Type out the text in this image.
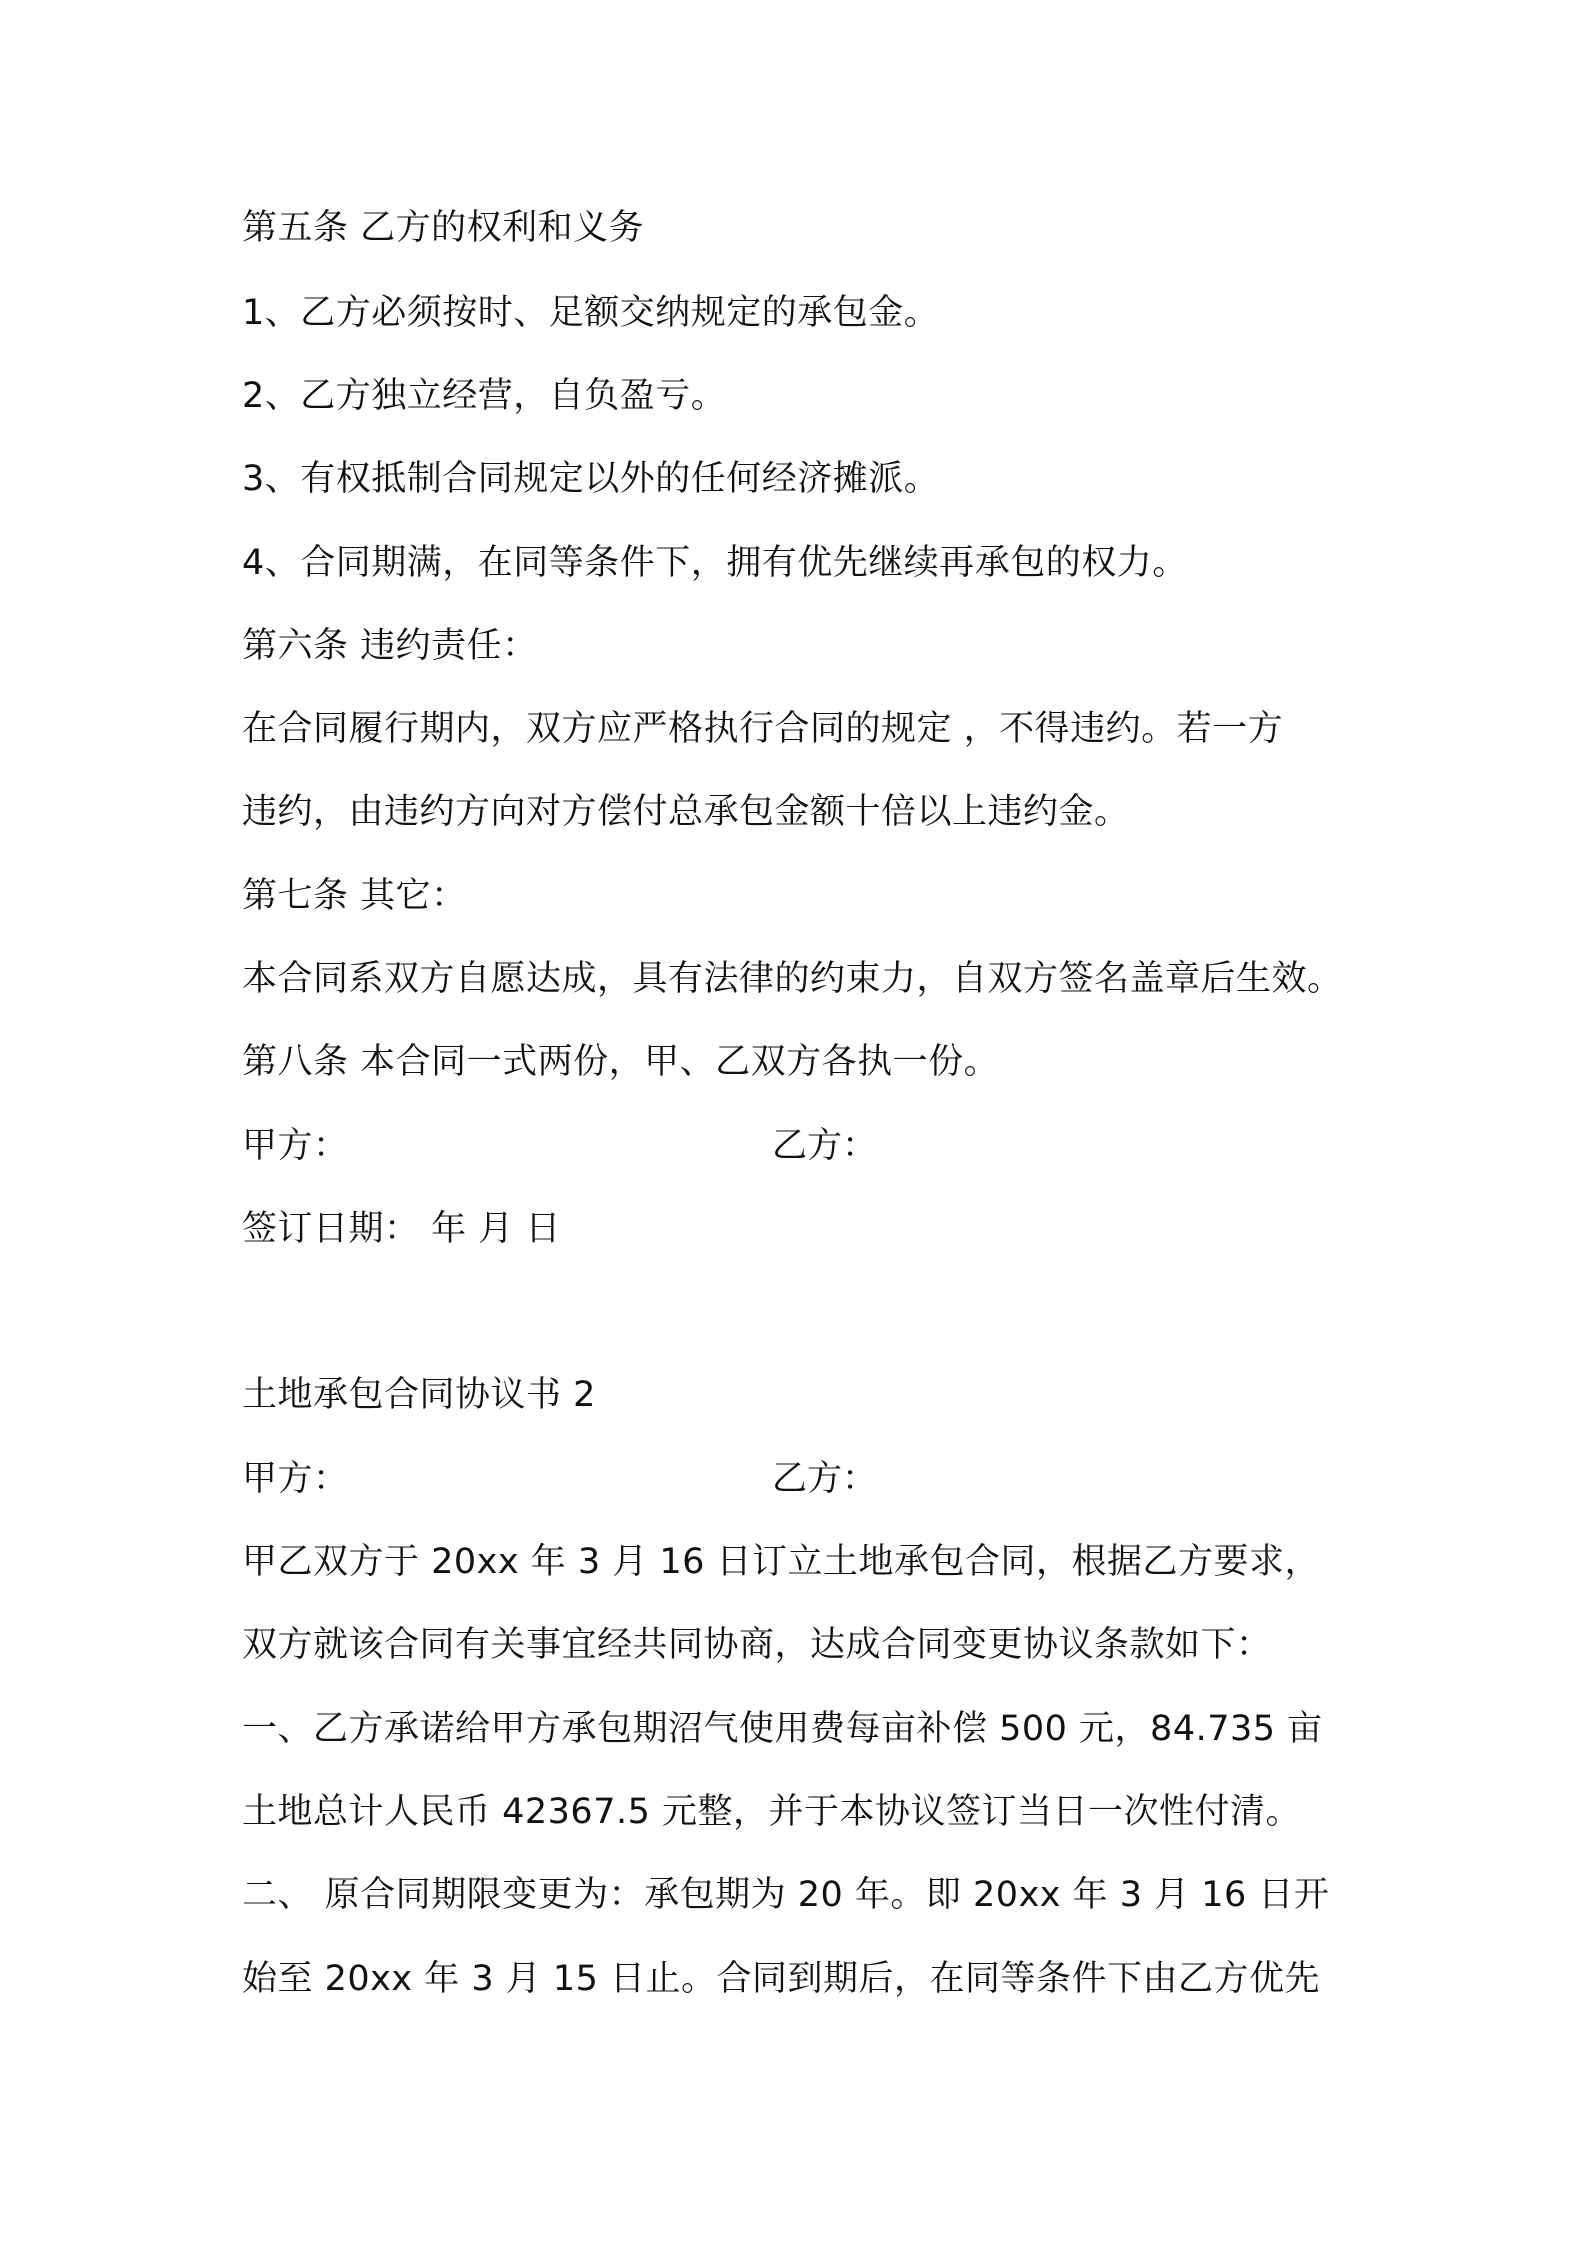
第五条 乙方的权利和义务
1、乙方必须按时、足额交纳规定的承包金。
2、乙方独立经营，自负盈亏。
3、有权抵制合同规定以外的任何经济摊派。
4、合同期满，在同等条件下，拥有优先继续再承包的权力。
第六条 违约责任：
在合同履行期内，双方应严格执行合同的规定 ，不得违约。若一方
违约，由违约方向对方偿付总承包金额十倍以上违约金。
第七条 其它：
本合同系双方自愿达成，具有法律的约束力，自双方签名盖章后生效。
第八条 本合同一式两份，甲、乙双方各执一份。
甲方：	乙方：
签订日期： 年 月 日
土地承包合同协议书 2
甲方：	乙方：
甲乙双方于 20xx 年 3 月 16 日订立土地承包合同，根据乙方要求，
双方就该合同有关事宜经共同协商，达成合同变更协议条款如下：
一、乙方承诺给甲方承包期沼气使用费每亩补偿 500 元，84.735 亩
土地总计人民币 42367.5 元整，并于本协议签订当日一次性付清。
二、 原合同期限变更为：承包期为 20 年。即 20xx 年 3 月 16 日开
始至 20xx 年 3 月 15 日止。合同到期后，在同等条件下由乙方优先
